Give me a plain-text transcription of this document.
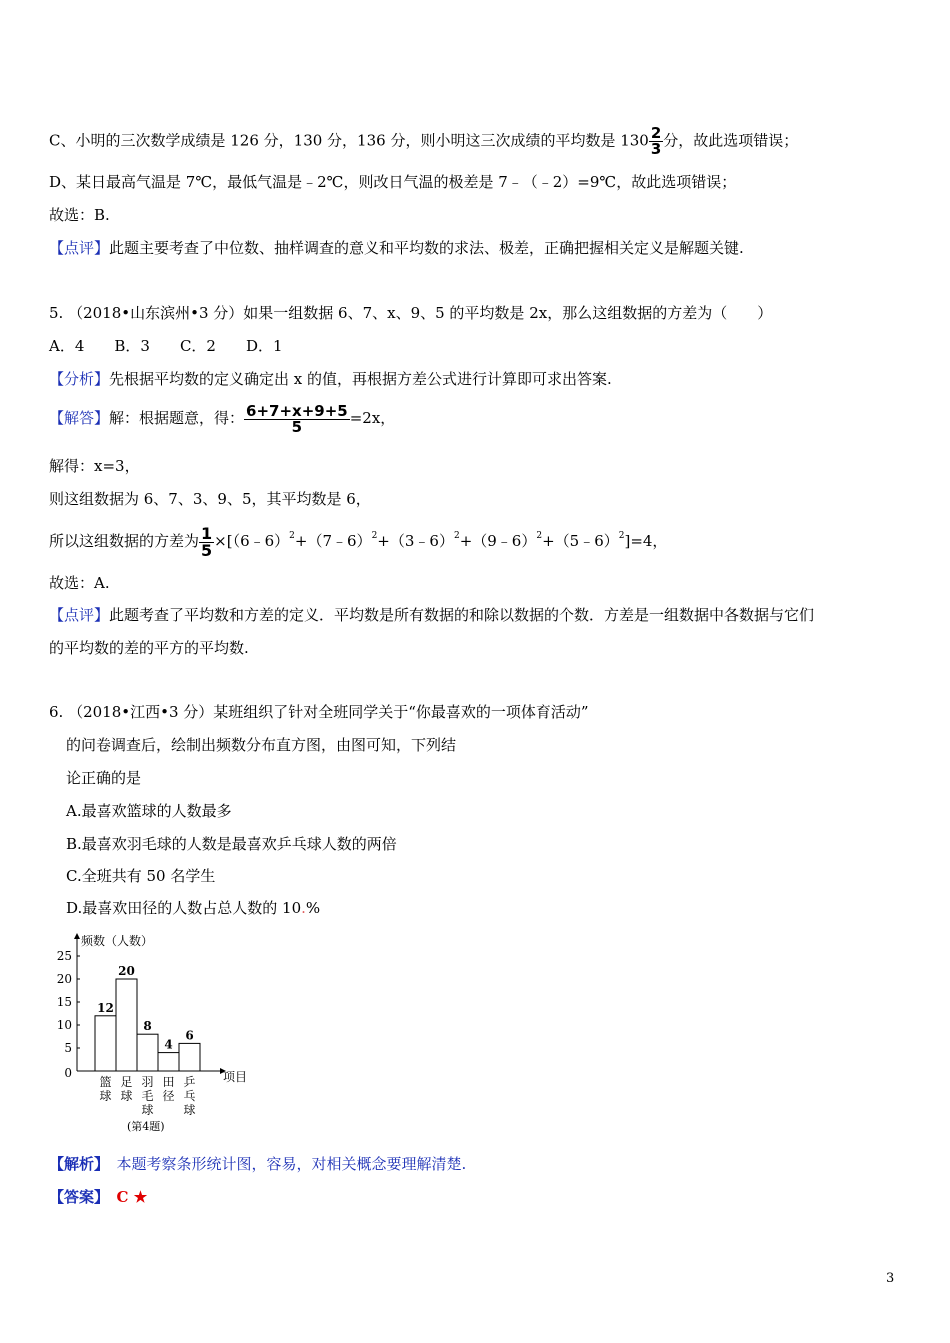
C、小明的三次数学成绩是 126 分，130 分，136 分，则小明这三次成绩的平均数是 $130 \frac{2}{3}$ 分，故此选项错误；
D、某日最高气温是 7℃，最低气温是﹣2℃，则改日气温的极差是 7﹣（﹣2）=9℃，故此选项错误；
故选：B.
【点评】此题主要考查了中位数、抽样调查的意义和平均数的求法、极差，正确把握相关定义是解题关键.
5. （2018•山东滨州•3 分）如果一组数据 6、7、x、9、5 的平均数是 2x，那么这组数据的方差为（　　）
A．4　　B．3　　C．2　　D．1
【分析】先根据平均数的定义确定出 x 的值，再根据方差公式进行计算即可求出答案.
【解答】解：根据题意，得： $\frac{6+7+x+9+5}{5} =2x$，
解得：x=3，
则这组数据为 6、7、3、9、5，其平均数是 6，
所以这组数据的方差为 $\frac{1}{5}$ ×[（6﹣6）$^2$+（7﹣6）$^2$+（3﹣6）$^2$+（9﹣6）$^2$+（5﹣6）$^2$]=4，
故选：A.
【点评】此题考查了平均数和方差的定义．平均数是所有数据的和除以数据的个数．方差是一组数据中各数据与它们
的平均数的差的平方的平均数.
6. （2018•江西•3 分）某班组织了针对全班同学关于“你最喜欢的一项体育活动”
的问卷调查后，绘制出频数分布直方图，由图可知，下列结
论正确的是
A.最喜欢篮球的人数最多
B.最喜欢羽毛球的人数是最喜欢乒乓球人数的两倍
C.全班共有 50 名学生
D.最喜欢田径的人数占总人数的 10.%
频数（人数）
项目
0
5
10
15
20
25
12
篮球
20
足球
8
羽毛球
4
田径
6
乒乓球
(第4题)
【解析】　 本题考察条形统计图，容易，对相关概念要理解清楚.
【答案】　 C ★
3
